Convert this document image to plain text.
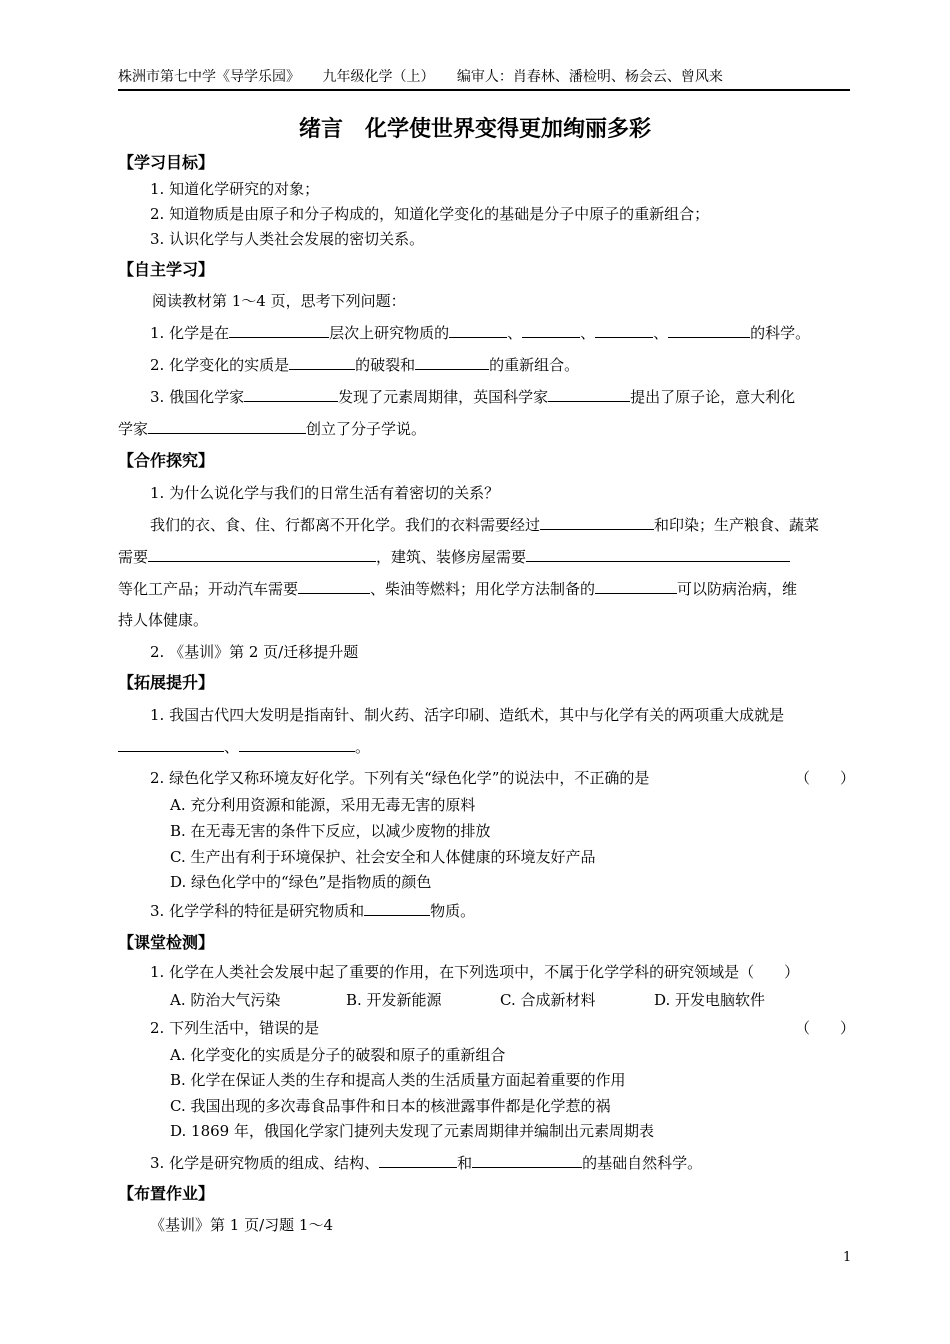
株洲市第七中学《导学乐园》 九年级化学（上） 编审人：肖春林、潘检明、杨会云、曾风来
绪言　化学使世界变得更加绚丽多彩
【学习目标】
1. 知道化学研究的对象；
2. 知道物质是由原子和分子构成的，知道化学变化的基础是分子中原子的重新组合；
3. 认识化学与人类社会发展的密切关系。
【自主学习】
阅读教材第 1～4 页，思考下列问题：
1. 化学是在	层次上研究物质的	、	、	、	的科学。
2. 化学变化的实质是	的破裂和	的重新组合。
3. 俄国化学家	发现了元素周期律，英国科学家	提出了原子论，意大利化
学家	创立了分子学说。
【合作探究】
1. 为什么说化学与我们的日常生活有着密切的关系？
我们的衣、食、住、行都离不开化学。我们的衣料需要经过	和印染；生产粮食、蔬菜
需要	，建筑、装修房屋需要
等化工产品；开动汽车需要	、柴油等燃料；用化学方法制备的	可以防病治病，维
持人体健康。
2. 《基训》第 2 页/迁移提升题
【拓展提升】
1. 我国古代四大发明是指南针、制火药、活字印刷、造纸术，其中与化学有关的两项重大成就是
、	。
2. 绿色化学又称环境友好化学。下列有关“绿色化学”的说法中，不正确的是	（　　）
A. 充分利用资源和能源，采用无毒无害的原料
B. 在无毒无害的条件下反应，以减少废物的排放
C. 生产出有利于环境保护、社会安全和人体健康的环境友好产品
D. 绿色化学中的“绿色”是指物质的颜色
3. 化学学科的特征是研究物质和	物质。
【课堂检测】
1. 化学在人类社会发展中起了重要的作用，在下列选项中，不属于化学学科的研究领域是（　　）
A. 防治大气污染	B. 开发新能源	C. 合成新材料	D. 开发电脑软件
2. 下列生活中，错误的是	（　　）
A. 化学变化的实质是分子的破裂和原子的重新组合
B. 化学在保证人类的生存和提高人类的生活质量方面起着重要的作用
C. 我国出现的多次毒食品事件和日本的核泄露事件都是化学惹的祸
D. 1869 年，俄国化学家门捷列夫发现了元素周期律并编制出元素周期表
3. 化学是研究物质的组成、结构、	和	的基础自然科学。
【布置作业】
《基训》第 1 页/习题 1～4
1
